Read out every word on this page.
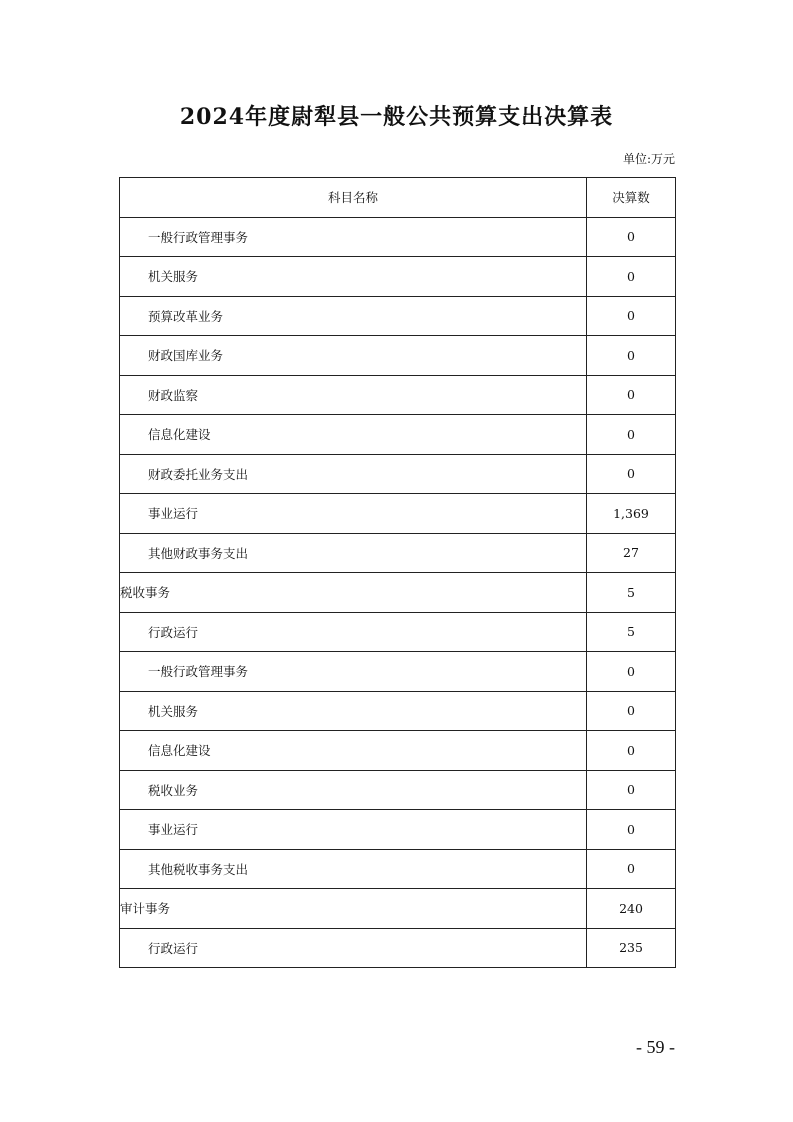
2024年度尉犁县一般公共预算支出决算表
单位:万元
科目名称	决算数
一般行政管理事务	0
机关服务	0
预算改革业务	0
财政国库业务	0
财政监察	0
信息化建设	0
财政委托业务支出	0
事业运行	1,369
其他财政事务支出	27
税收事务	5
行政运行	5
一般行政管理事务	0
机关服务	0
信息化建设	0
税收业务	0
事业运行	0
其他税收事务支出	0
审计事务	240
行政运行	235
- 59 -
